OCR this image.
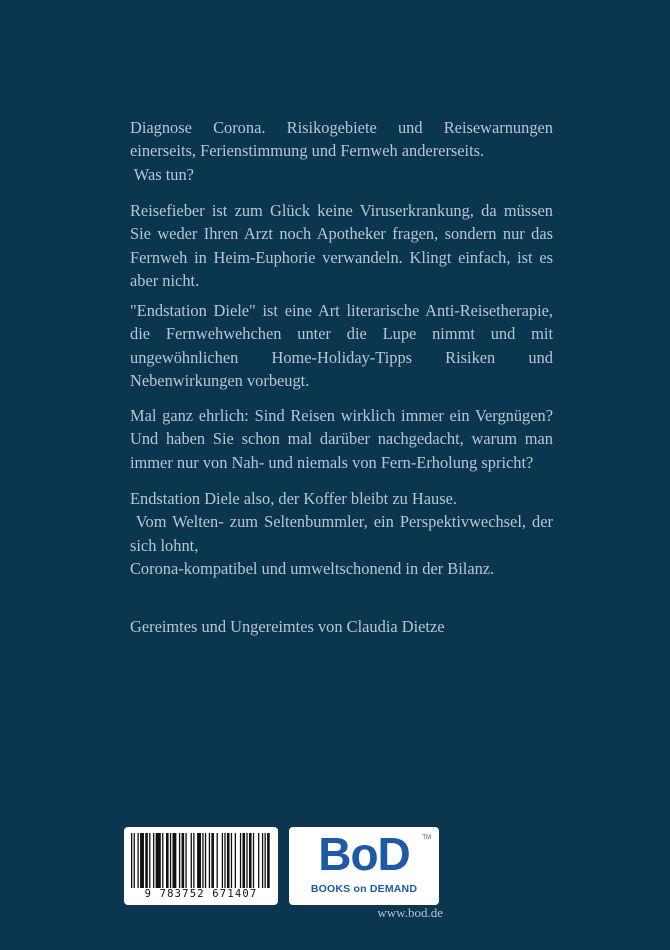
Diagnose Corona. Risikogebiete und Reisewarnungen
einerseits, Ferienstimmung und Fernweh andererseits.
Was tun?
Reisefieber ist zum Glück keine Viruserkrankung, da müssen
Sie weder Ihren Arzt noch Apotheker fragen, sondern nur das
Fernweh in Heim-Euphorie verwandeln. Klingt einfach, ist es
aber nicht.
"Endstation Diele" ist eine Art literarische Anti-Reisetherapie,
die Fernwehwehchen unter die Lupe nimmt und mit
ungewöhnlichen Home-Holiday-Tipps Risiken und
Nebenwirkungen vorbeugt.
Mal ganz ehrlich: Sind Reisen wirklich immer ein Vergnügen?
Und haben Sie schon mal darüber nachgedacht, warum man
immer nur von Nah- und niemals von Fern-Erholung spricht?
Endstation Diele also, der Koffer bleibt zu Hause.
Vom Welten- zum Seltenbummler, ein Perspektivwechsel, der
sich lohnt,
Corona-kompatibel und umweltschonend in der Bilanz.
Gereimtes und Ungereimtes von Claudia Dietze
9 783752 671407
BoD	TM
BOOKS on DEMAND
www.bod.de
